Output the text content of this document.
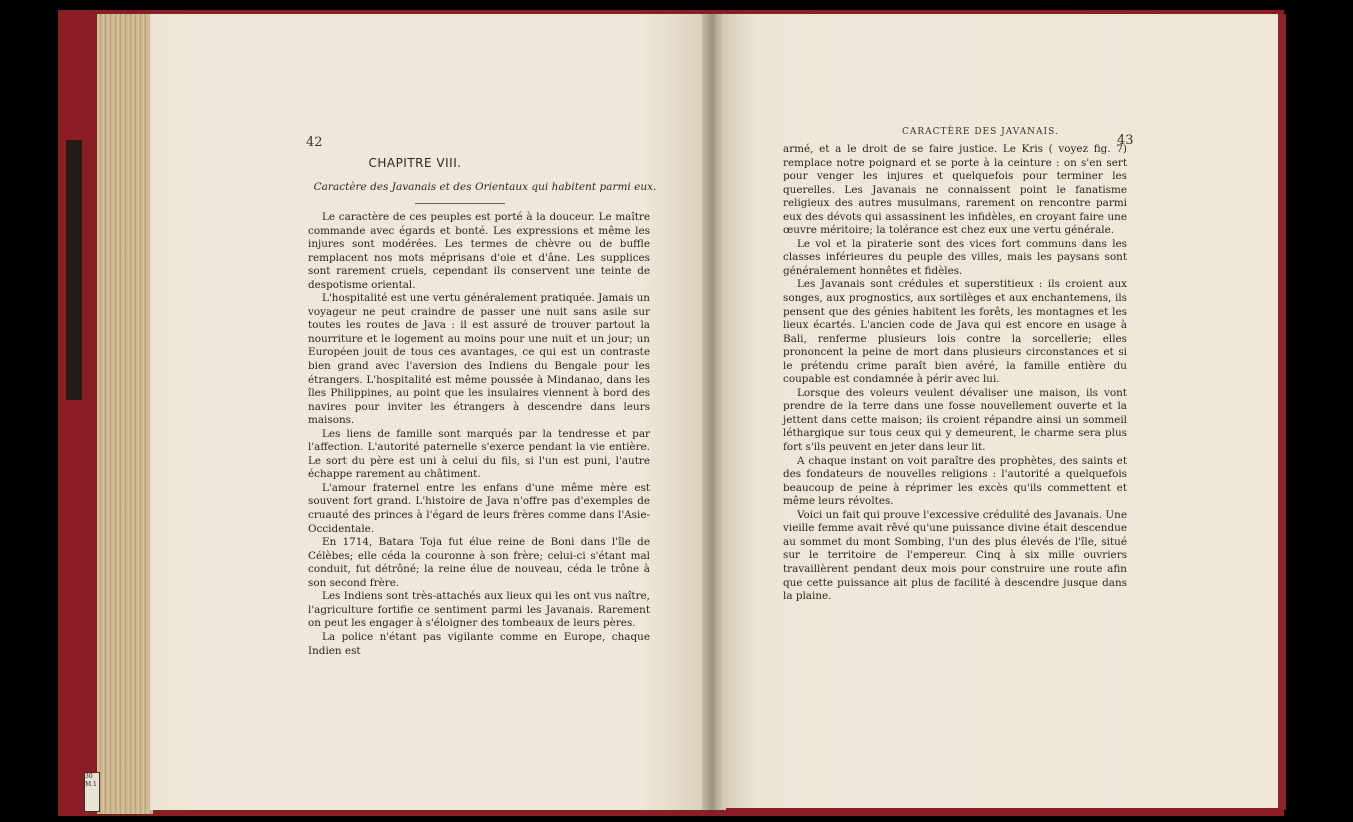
30
M.1
42
CHAPITRE VIII.
Caractère des Javanais et des Orientaux qui habitent parmi eux.

Le caractère de ces peuples est porté à la douceur. Le maître commande avec égards et bonté. Les expressions et même les injures sont modérées. Les termes de chèvre ou de buffle remplacent nos mots méprisans d'oie et d'âne. Les supplices sont rarement cruels, cependant ils conservent une teinte de despotisme oriental.

L'hospitalité est une vertu généralement pratiquée. Jamais un voyageur ne peut craindre de passer une nuit sans asile sur toutes les routes de Java : il est assuré de trouver partout la nourriture et le logement au moins pour une nuit et un jour; un Européen jouit de tous ces avantages, ce qui est un contraste bien grand avec l'aversion des Indiens du Bengale pour les étrangers. L'hospitalité est même poussée à Mindanao, dans les îles Philippines, au point que les insulaires viennent à bord des navires pour inviter les étrangers à descendre dans leurs maisons.

Les liens de famille sont marqués par la tendresse et par l'affection. L'autorité paternelle s'exerce pendant la vie entière. Le sort du père est uni à celui du fils, si l'un est puni, l'autre échappe rarement au châtiment.

L'amour fraternel entre les enfans d'une même mère est souvent fort grand. L'histoire de Java n'offre pas d'exemples de cruauté des princes à l'égard de leurs frères comme dans l'Asie-Occidentale.

En 1714, Batara Toja fut élue reine de Boni dans l'île de Célèbes; elle céda la couronne à son frère; celui-ci s'étant mal conduit, fut détrôné; la reine élue de nouveau, céda le trône à son second frère.

Les Indiens sont très-attachés aux lieux qui les ont vus naître, l'agriculture fortifie ce sentiment parmi les Javanais. Rarement on peut les engager à s'éloigner des tombeaux de leurs pères.

La police n'étant pas vigilante comme en Europe, chaque Indien est

CARACTÈRE DES JAVANAIS.
43

armé, et a le droit de se faire justice. Le Kris ( voyez fig. 7) remplace notre poignard et se porte à la ceinture : on s'en sert pour venger les injures et quelquefois pour terminer les querelles. Les Javanais ne connaissent point le fanatisme religieux des autres musulmans, rarement on rencontre parmi eux des dévots qui assassinent les infidèles, en croyant faire une œuvre méritoire; la tolérance est chez eux une vertu générale.

Le vol et la piraterie sont des vices fort communs dans les classes inférieures du peuple des villes, mais les paysans sont généralement honnêtes et fidèles.

Les Javanais sont crédules et superstitieux : ils croient aux songes, aux prognostics, aux sortilèges et aux enchantemens, ils pensent que des génies habitent les forêts, les montagnes et les lieux écartés. L'ancien code de Java qui est encore en usage à Bali, renferme plusieurs lois contre la sorcellerie; elles prononcent la peine de mort dans plusieurs circonstances et si le prétendu crime paraît bien avéré, la famille entière du coupable est condamnée à périr avec lui.

Lorsque des voleurs veulent dévaliser une maison, ils vont prendre de la terre dans une fosse nouvellement ouverte et la jettent dans cette maison; ils croient répandre ainsi un sommeil léthargique sur tous ceux qui y demeurent, le charme sera plus fort s'ils peuvent en jeter dans leur lit.

A chaque instant on voit paraître des prophètes, des saints et des fondateurs de nouvelles religions : l'autorité a quelquefois beaucoup de peine à réprimer les excès qu'ils commettent et même leurs révoltes.

Voici un fait qui prouve l'excessive crédulité des Javanais. Une vieille femme avait rêvé qu'une puissance divine était descendue au sommet du mont Sombing, l'un des plus élevés de l'île, situé sur le territoire de l'empereur. Cinq à six mille ouvriers travaillèrent pendant deux mois pour construire une route afin que cette puissance ait plus de facilité à descendre jusque dans la plaine.
